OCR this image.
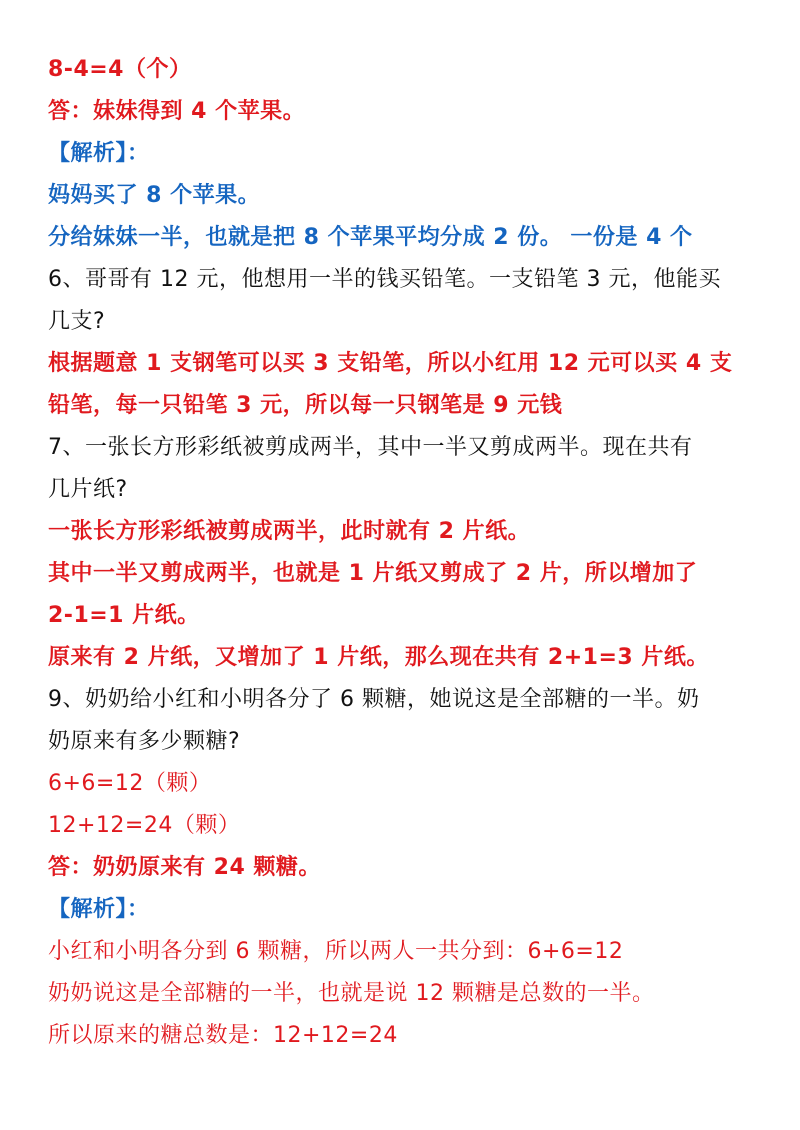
8-4=4（个）
答：妹妹得到 4 个苹果。
【解析】：
妈妈买了 8 个苹果。
分给妹妹一半，也就是把 8 个苹果平均分成 2 份。 一份是 4 个
6、哥哥有 12 元，他想用一半的钱买铅笔。一支铅笔 3 元，他能买
几支?
根据题意 1 支钢笔可以买 3 支铅笔，所以小红用 12 元可以买 4 支
铅笔，每一只铅笔 3 元，所以每一只钢笔是 9 元钱
7、一张长方形彩纸被剪成两半，其中一半又剪成两半。现在共有
几片纸?
一张长方形彩纸被剪成两半，此时就有 2 片纸。
其中一半又剪成两半，也就是 1 片纸又剪成了 2 片，所以增加了
2-1=1 片纸。
原来有 2 片纸，又增加了 1 片纸，那么现在共有 2+1=3 片纸。
9、奶奶给小红和小明各分了 6 颗糖，她说这是全部糖的一半。奶
奶原来有多少颗糖?
6+6=12（颗）
12+12=24（颗）
答：奶奶原来有 24 颗糖。
【解析】：
小红和小明各分到 6 颗糖，所以两人一共分到：6+6=12
奶奶说这是全部糖的一半，也就是说 12 颗糖是总数的一半。
所以原来的糖总数是：12+12=24
